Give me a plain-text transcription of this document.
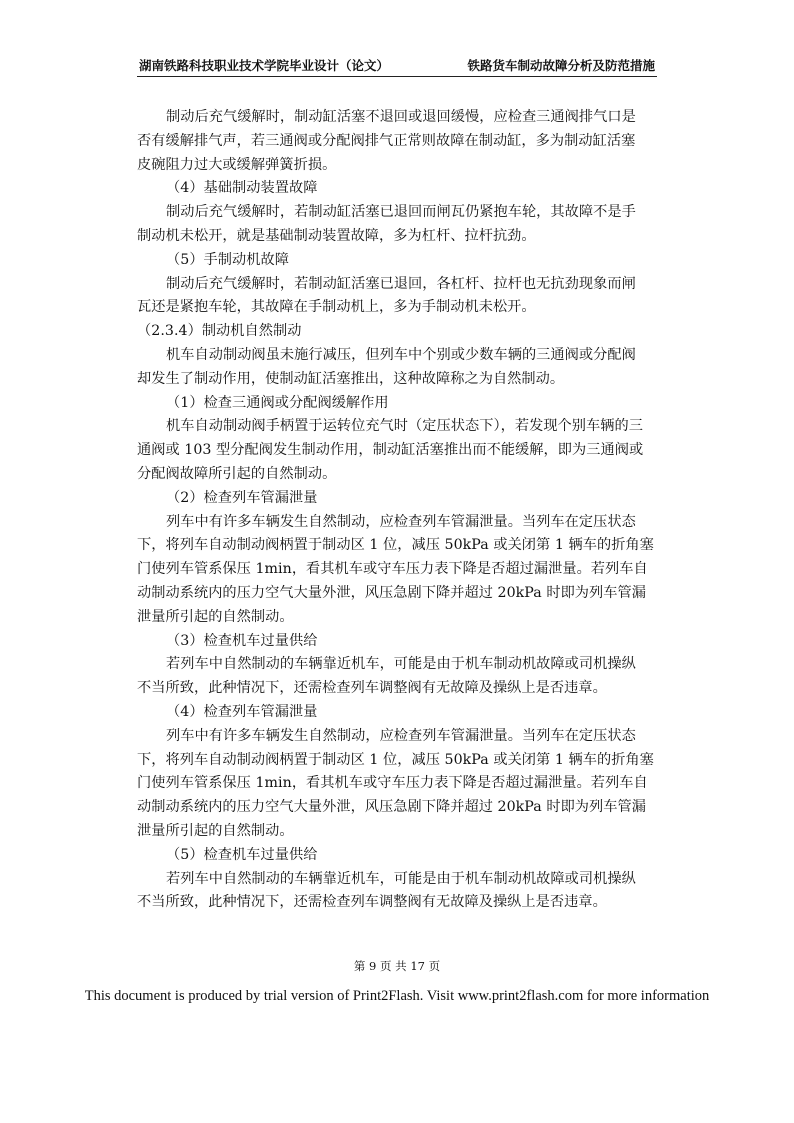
湖南铁路科技职业技术学院毕业设计（论文）	铁路货车制动故障分析及防范措施
制动后充气缓解时，制动缸活塞不退回或退回缓慢，应检查三通阀排气口是
否有缓解排气声，若三通阀或分配阀排气正常则故障在制动缸，多为制动缸活塞
皮碗阻力过大或缓解弹簧折损。
（4）基础制动装置故障
制动后充气缓解时，若制动缸活塞已退回而闸瓦仍紧抱车轮，其故障不是手
制动机未松开，就是基础制动装置故障，多为杠杆、拉杆抗劲。
（5）手制动机故障
制动后充气缓解时，若制动缸活塞已退回，各杠杆、拉杆也无抗劲现象而闸
瓦还是紧抱车轮，其故障在手制动机上，多为手制动机未松开。
（2.3.4）制动机自然制动
机车自动制动阀虽未施行减压，但列车中个别或少数车辆的三通阀或分配阀
却发生了制动作用，使制动缸活塞推出，这种故障称之为自然制动。
（1）检查三通阀或分配阀缓解作用
机车自动制动阀手柄置于运转位充气时（定压状态下），若发现个别车辆的三
通阀或 103 型分配阀发生制动作用，制动缸活塞推出而不能缓解，即为三通阀或
分配阀故障所引起的自然制动。
（2）检查列车管漏泄量
列车中有许多车辆发生自然制动，应检查列车管漏泄量。当列车在定压状态
下，将列车自动制动阀柄置于制动区 1 位，减压 50kPa 或关闭第 1 辆车的折角塞
门使列车管系保压 1min，看其机车或守车压力表下降是否超过漏泄量。若列车自
动制动系统内的压力空气大量外泄，风压急剧下降并超过 20kPa 时即为列车管漏
泄量所引起的自然制动。
（3）检查机车过量供给
若列车中自然制动的车辆靠近机车，可能是由于机车制动机故障或司机操纵
不当所致，此种情况下，还需检查列车调整阀有无故障及操纵上是否违章。
（4）检查列车管漏泄量
列车中有许多车辆发生自然制动，应检查列车管漏泄量。当列车在定压状态
下，将列车自动制动阀柄置于制动区 1 位，减压 50kPa 或关闭第 1 辆车的折角塞
门使列车管系保压 1min，看其机车或守车压力表下降是否超过漏泄量。若列车自
动制动系统内的压力空气大量外泄，风压急剧下降并超过 20kPa 时即为列车管漏
泄量所引起的自然制动。
（5）检查机车过量供给
若列车中自然制动的车辆靠近机车，可能是由于机车制动机故障或司机操纵
不当所致，此种情况下，还需检查列车调整阀有无故障及操纵上是否违章。
第 9 页 共 17 页
This document is produced by trial version of Print2Flash. Visit www.print2flash.com for more information
